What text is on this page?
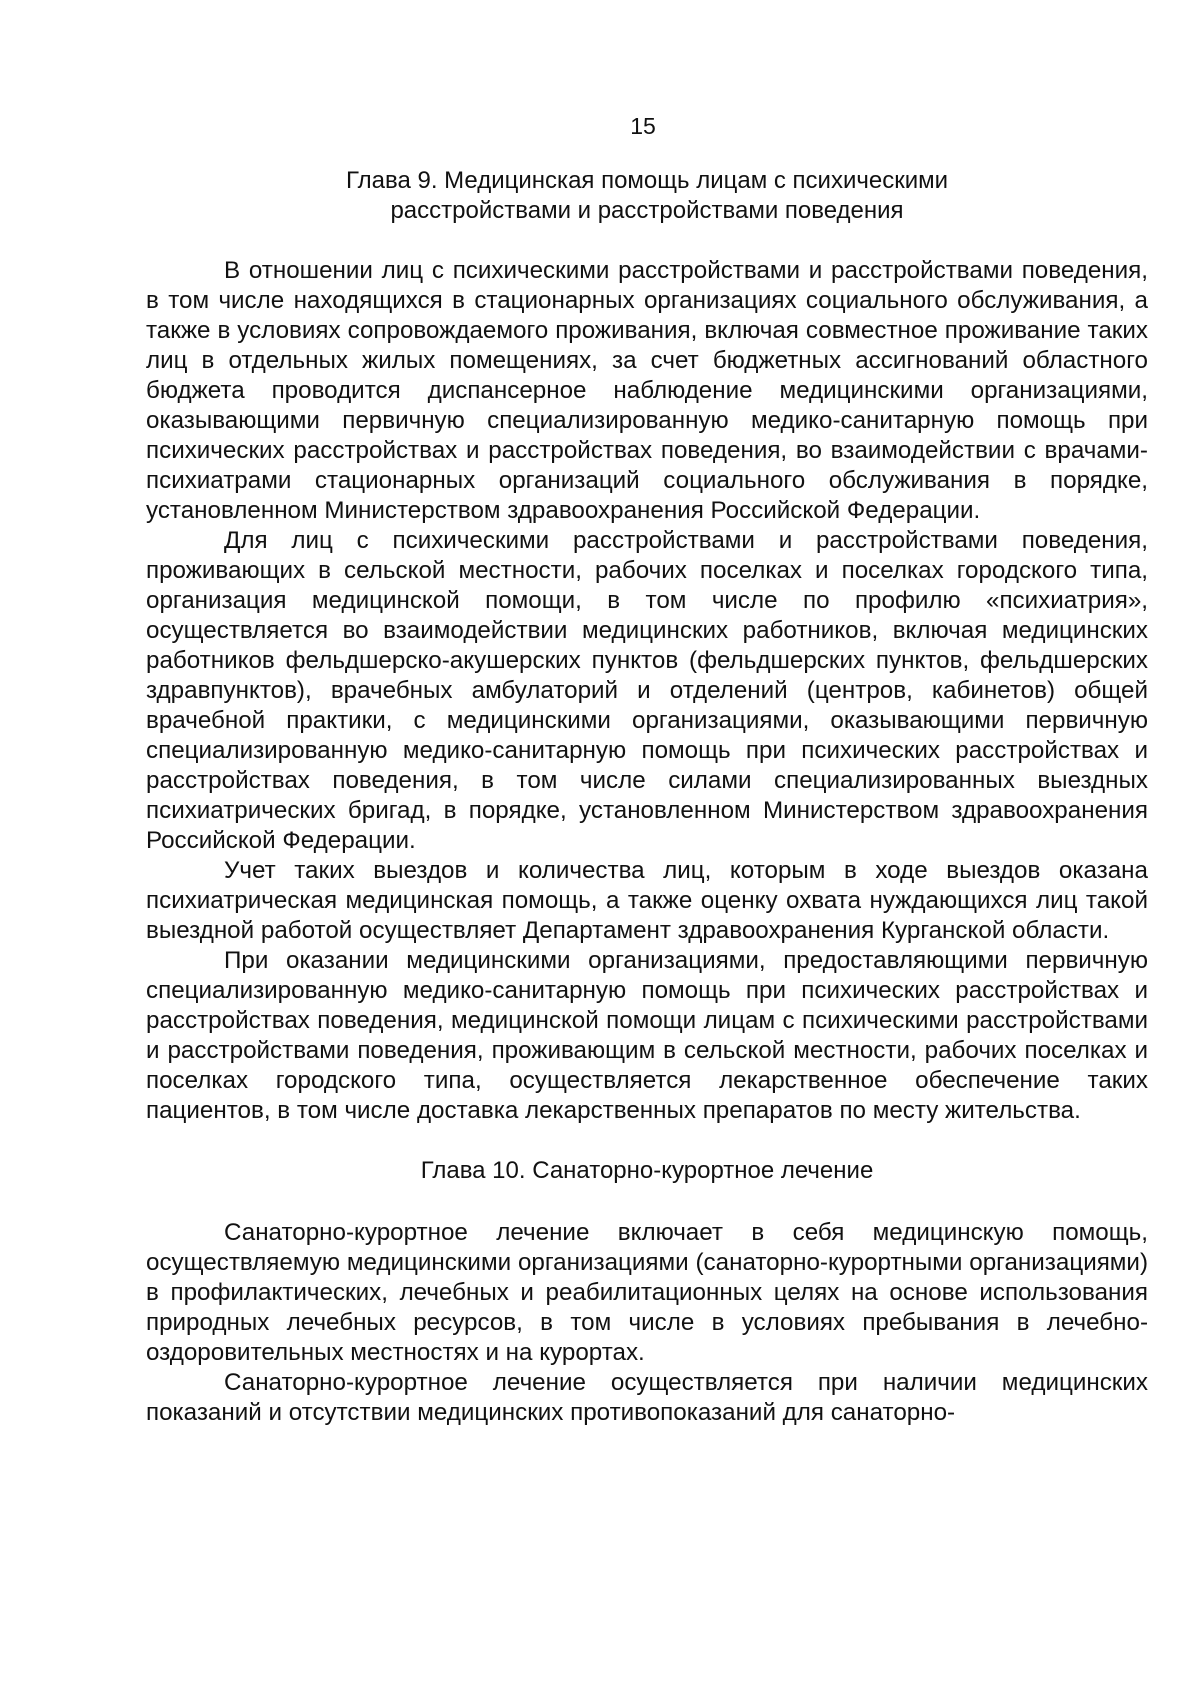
15
Глава 9. Медицинская помощь лицам с психическими
расстройствами и расстройствами поведения

В отношении лиц с психическими расстройствами и расстройствами поведения, в том числе находящихся в стационарных организациях социального обслуживания, а также в условиях сопровождаемого проживания, включая совместное проживание таких лиц в отдельных жилых помещениях, за счет бюджетных ассигнований областного бюджета проводится диспансерное наблюдение медицинскими организациями, оказывающими первичную специализированную медико-санитарную помощь при психических расстройствах и расстройствах поведения, во взаимодействии с врачами-психиатрами стационарных организаций социального обслуживания в порядке, установленном Министерством здравоохранения Российской Федерации.

Для лиц с психическими расстройствами и расстройствами поведения, проживающих в сельской местности, рабочих поселках и поселках городского типа, организация медицинской помощи, в том числе по профилю «психиатрия», осуществляется во взаимодействии медицинских работников, включая медицинских работников фельдшерско-акушерских пунктов (фельдшерских пунктов, фельдшерских здравпунктов), врачебных амбулаторий и отделений (центров, кабинетов) общей врачебной практики, с медицинскими организациями, оказывающими первичную специализированную медико-санитарную помощь при психических расстройствах и расстройствах поведения, в том числе силами специализированных выездных психиатрических бригад, в порядке, установленном Министерством здравоохранения Российской Федерации.

Учет таких выездов и количества лиц, которым в ходе выездов оказана психиатрическая медицинская помощь, а также оценку охвата нуждающихся лиц такой выездной работой осуществляет Департамент здравоохранения Курганской области.

При оказании медицинскими организациями, предоставляющими первичную специализированную медико-санитарную помощь при психических расстройствах и расстройствах поведения, медицинской помощи лицам с психическими расстройствами и расстройствами поведения, проживающим в сельской местности, рабочих поселках и поселках городского типа, осуществляется лекарственное обеспечение таких пациентов, в том числе доставка лекарственных препаратов по месту жительства.

Глава 10. Санаторно-курортное лечение

Санаторно-курортное лечение включает в себя медицинскую помощь, осуществляемую медицинскими организациями (санаторно-курортными организациями) в профилактических, лечебных и реабилитационных целях на основе использования природных лечебных ресурсов, в том числе в условиях пребывания в лечебно-оздоровительных местностях и на курортах.

Санаторно-курортное лечение осуществляется при наличии медицинских показаний и отсутствии медицинских противопоказаний для санаторно-
